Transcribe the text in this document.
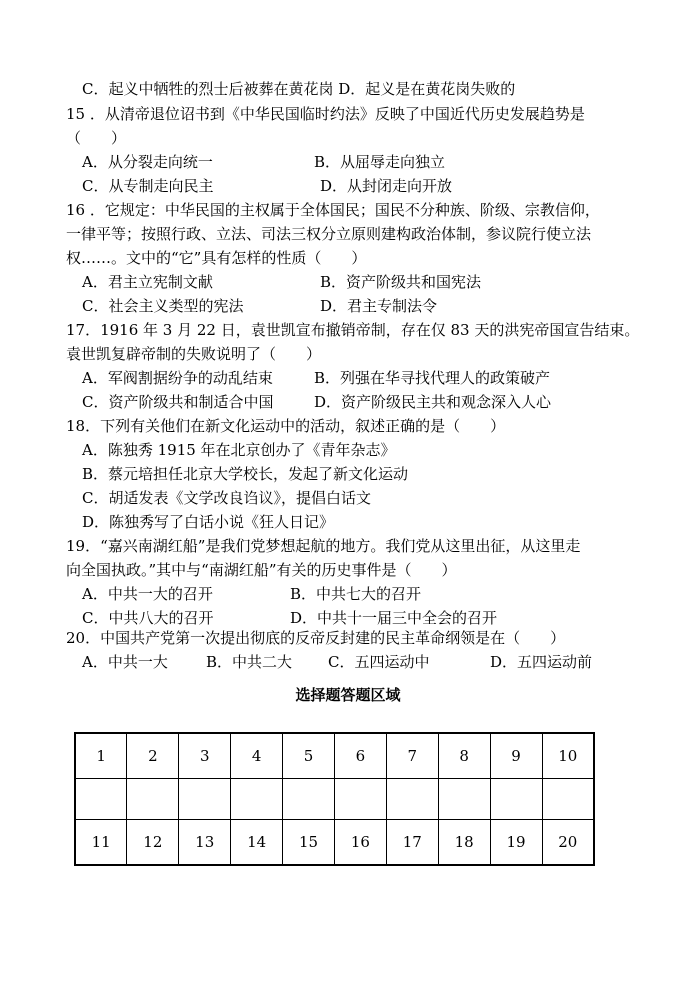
C．起义中牺牲的烈士后被葬在黄花岗 D．起义是在黄花岗失败的
15 ．从清帝退位诏书到《中华民国临时约法》反映了中国近代历史发展趋势是
（　　）
A．从分裂走向统一	B．从屈辱走向独立
C．从专制走向民主	D．从封闭走向开放
16 ．它规定：中华民国的主权属于全体国民；国民不分种族、阶级、宗教信仰，
一律平等；按照行政、立法、司法三权分立原则建构政治体制，参议院行使立法
权……。文中的“它”具有怎样的性质（　　）
A．君主立宪制文献	B．资产阶级共和国宪法
C．社会主义类型的宪法	D．君主专制法令
17．1916 年 3 月 22 日，袁世凯宣布撤销帝制，存在仅 83 天的洪宪帝国宣告结束。
袁世凯复辟帝制的失败说明了（　　）
A．军阀割据纷争的动乱结束	B．列强在华寻找代理人的政策破产
C．资产阶级共和制适合中国	D．资产阶级民主共和观念深入人心
18．下列有关他们在新文化运动中的活动，叙述正确的是（　　）
A．陈独秀 1915 年在北京创办了《青年杂志》
B．蔡元培担任北京大学校长，发起了新文化运动
C．胡适发表《文学改良诌议》，提倡白话文
D．陈独秀写了白话小说《狂人日记》
19．“嘉兴南湖红船”是我们党梦想起航的地方。我们党从这里出征，从这里走
向全国执政。”其中与“南湖红船”有关的历史事件是（　　）
A．中共一大的召开	B．中共七大的召开
C．中共八大的召开	D．中共十一届三中全会的召开
20．中国共产党第一次提出彻底的反帝反封建的民主革命纲领是在（　　）
A．中共一大	B．中共二大 C．五四运动中	D．五四运动前
选择题答题区域
1	2	3	4	5	6	7	8	9	10

11	12	13	14	15	16	17	18	19	20
